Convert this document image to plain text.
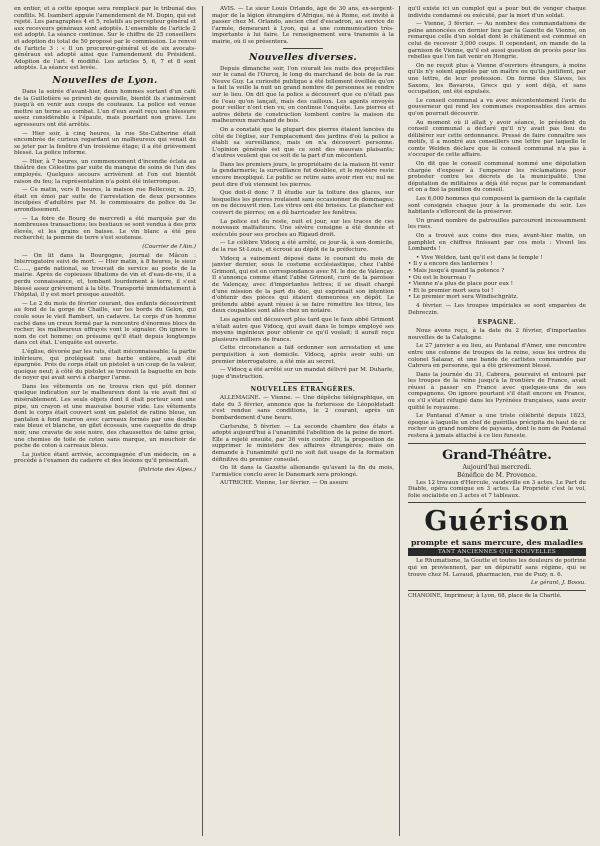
en entier, et à cette époque sera remplacé par le tribunal des conflits. M. Isambert appuie l'amendement de M. Dupin, qui est rejeté. Les paragraphes 4 et 5, relatifs au percepteur général et aux receveurs généraux sont adoptés. L'ensemble de l'article 2 est adopté. La séance continue. Sur le chiffre de 25 conseillers et adoption du total de 50 proposé par le commission. Le renvoi de l'article 3 : « Il un procureur-général et de six avocats-généraux est adopté ainsi que l'amendement du Président. Adoption de l'art. 4 modifié. Les articles 5, 6, 7 et 8 sont adoptés. La séance est levée.

Nouvelles de Lyon.

Dans la soirée d'avant-hier, deux hommes sortant d'un café de la Guillotière se prirent de querelle, bientôt ils s'animèrent jusqu'à en venir aux coups de couteaux. La police est venue mettre un terme au combat. L'un d'eux avait reçu une blessure assez considérable à l'épaule, mais pourtant non grave. Les agresseurs ont été arrêtés.

— Hier soir, à cinq heures, la rue Ste-Catherine était encombrée de curieux regardant un malheureux qui venait de se jeter par la fenêtre d'un troisième étage; il a été grièvement blessé. La police informe.

— Hier, à 7 heures, un commencement d'incendie éclata au théâtre des Célestins par suite du manque de soins de l'un des employés. Quelques secours arrivèrent et l'on eut bientôt raison du feu; la représentation n'a point été interrompue.

— Ce matin, vers 8 heures, la maison rue Bellecour, n. 25, était en émoi par suite de l'arrestation de deux personnes inculpées d'adultère par M. le commissaire de police du 3e arrondissement.

— La foire de Bourg de mercredi a été marquée par de nombreuses transactions; les bestiaux se sont vendus à des prix élevés, et les grains en baisse. Le vin blanc a été peu recherché; la pomme de terre s'est soutenue.

(Courrier de l'Ain.)

— On lit dans la Bourgogne, journal de Mâcon : Interrogatoire suivi de mort. — Hier matin, à 8 heures, le sieur C......, garde national, se trouvait de service au poste de la mairie. Après de copieuses libations de vin et d'eau-de-vie, il a perdu connaissance, et, tombant lourdement à terre, il s'est blessé assez grièvement à la tête. Transporté immédiatement à l'hôpital, il y est mort presque aussitôt.

— Le 2 du mois de février courant, des enfants découvrirent au fond de la gorge de Chaille, sur les bords du Gelon, qui coule sous le vieil Rambert, un cadavre. Le corps d'un homme caché dans un creux formé par la rencontre d'énormes blocs de rocher; les malheureux effrayés vont le signaler. On ignore le nom de cet homme; on présume qu'il était depuis longtemps dans cet état. L'enquête est ouverte.

L'église, dévorée par les rats, était méconnaissable; la partie inférieure, qui protégeait une barbe entière, avait été épargnée. Près du corps était un pistolet à un coup de la valeur, quoique neuf; à côté du pistolet se trouvait la baguette en bois de noyer qui avait servi à charger l'arme.

Dans les vêtements on ne trouva rien qui pût donner quelque indication sur le malheureux dont la vie avait fini si misérablement. Les seuls objets dont il était porteur sont une pipe, un crayon et une mauvaise bourse vide. Les vêtements dont le corps était couvert sont un paletot de ratine bleue, un pantalon à fond marron avec carreaux formés par une double raie bleue et blanche, un gilet écossais, une casquette de drap noir, une cravate de soie noire, des chaussettes de laine grise, une chemise de toile de coton sans marque, un mouchoir de poche de coton à carreaux bleus.

La justice étant arrivée, accompagnée d'un médecin, on a procédé à l'examen du cadavre et des lésions qu'il présentait.

(Patriote des Alpes.)

AVIS. — Le sieur Louis Orlando, âgé de 30 ans, ex-sergent-major de la légion étrangère d'Afrique, né à Rome, est invité à passer chez M. Orlando, ancien chef d'escadron, au service de l'armée, demeurant à Lyon, qui a une communication très-importante à lui faire. Le renseignement sera transmis à la mairie, où il se présentera.

Nouvelles diverses.

Depuis dimanche soir, l'on courait les nuits des projectiles sur le canal de l'Ourcq, le long du marchand de bois de la rue Neuve Guy. La curiosité publique a été tellement éveillée qu'on a fait la veille la nuit un grand nombre de personnes se rendre sur le lieu. On dit que la police a découvert que ce n'était pas de l'eau qu'on lançait, mais des cailloux. Les agents envoyés pour veiller n'ont rien vu; on continue l'enquête. Les pierres et autres débris de construction tombent contre la maison du malheureux marchand de bois.

On a constaté que la plupart des pierres étaient lancées du côté de l'église, sur l'emplacement des jardins d'où la police a établi sa surveillance, mais on n'a découvert personne. L'opinion générale est que ce sont des mauvais plaisants; d'autres veulent que ce soit de la part d'un mécontent.

Dans les premiers jours, le propriétaire de la maison fit venir la gendarmerie; la surveillance fut doublée, et le mystère reste encore inexpliqué. Le public se retire sans avoir rien vu; nul ne peut dire d'où viennent les pierres.

Que doit-il donc ? Il étudie sur la toiture des glaces, sur lesquelles les pierres roulaient sans occasionner de dommages; on ne découvrit rien. Les vitres ont été brisées. Le plancher est couvert de pierres; on a dû barricader les fenêtres.

La police est du reste, nuit et jour, sur les traces de ces nouveaux malfaiteurs. Une sévère consigne a été donnée et exécutée pour ses proches au Rigaud droit.

— Le célèbre Vidocq a été arrêté, ce jour-là, à son domicile, de la rue St-Louis, et écroué au dépôt de la préfecture.

Vidocq a vainement déposé dans le courant du mois de janvier dernier, sous le costume ecclésiastique, chez l'abbé Grimont, qui est en correspondance avec M. le duc de Valençay. Il s'annonça comme étant l'abbé Grimont, curé de la paroisse de Valençay, avec d'importantes lettres; il se disait chargé d'une mission de la part du duc, qui exprimait son intention d'obtenir des pièces qui étaient demeurées en dépôt. Le prétendu abbé ayant réussi à se faire remettre les titres, les deux coupables sont allés chez un notaire.

Les agents ont découvert plus tard que le faux abbé Grimont n'était autre que Vidocq, qui avait dans le temps employé ses moyens ingénieux pour obtenir ce qu'il voulait; il aurait reçu plusieurs milliers de francs.

Cette circonstance a fait ordonner son arrestation et une perquisition à son domicile. Vidocq, après avoir subi un premier interrogatoire, a été mis au secret.

— Vidocq a été arrêté sur un mandat délivré par M. Duharle, juge d'instruction.

NOUVELLES ÉTRANGÈRES.

ALLEMAGNE. — Vienne. — Une dépêche télégraphique, en date du 3 février, annonce que la forteresse de Léopoldstadt s'est rendue sans conditions, le 2 courant, après un bombardement d'une heure.

Carlsruhe, 5 février. — La seconde chambre des états a adopté aujourd'hui à l'unanimité l'abolition de la peine de mort. Elle a rejeté ensuite, par 36 voix contre 20, la proposition de supprimer le ministère des affaires étrangères; mais on demande à l'unanimité qu'il ne soit fait usage de la formation définitive du premier consulat.

On lit dans la Gazette allemande qu'avant la fin du mois, l'armistice conclu avec le Danemark sera prolongé.

AUTRICHE. Vienne, 1er février. — On assure

qu'il existe ici un complot qui a pour but de venger chaque individu condamné ou exécuté, par la mort d'un soldat.

— Vienne, 3 février. — Au nombre des commandations de peine annoncées en dernier lieu par la Gazette de Vienne, on remarque celle d'un soldat dont le châtiment est commué en celui de recevoir 3,000 coups. Il cependant, on mande de la garnison de Vienne, qu'il est aussi question de procès pour les rebelles que l'on fait venir en Hongrie.

On ne reçoit plus à Vienne d'ouvriers étrangers, à moins qu'ils n'y soient appelés par un maître ou qu'ils justifient, par une lettre, de leur profession. On forme des Slaves, les Saxons, les Bavarois, Grecs qui y sont déjà, et sans occupation, ont été expulsés.

Le conseil communal a vu avec mécontentement l'avis du gouverneur qui rend les communes responsables des armes qu'on pourrait découvrir.

Au moment où il allait y avoir séance, le président du conseil communal a déclaré qu'il n'y avait pas lieu de délibérer sur cette ordonnance. Pressé de faire connaître ses motifs, il a montré aux conseillers une lettre par laquelle le comte Welden déclare que le conseil communal n'a pas à s'occuper de cette affaire.

On dit que le conseil communal nommé une députation chargée d'exposer à l'empereur les réclamations pour protester contre les décrets de la municipalité. Une députation de militaires a déjà été reçue par le commandant et on a fixé la punition du conseil.

Les 6,000 hommes qui composent la garnison de la capitale sont consignés chaque jour à la promenade du soir. Les habitants s'efforcent de la préserver.

Un grand nombre de patrouilles parcourent incessamment les rues.

On a trouvé aux coins des rues, avant-hier matin, un pamphlet en chiffres finissant par ces mots : Vivent les Lombards !

• Vive Welden, tant qu'il est dans le temple !
• Il y a encore des lanternes !
• Mais jusqu'à quand la potence ?
• Où est le bourreau ?
• Vienne n'a plus de place pour eux !
• Et le premier mort sera toi !
• Le premier mort sera Windischgrätz.

4 février. — Les troupes impériales se sont emparées de Debreczin.

ESPAGNE.

Nous avons reçu, à la date du 2 février, d'importantes nouvelles de la Catalogne.

Le 27 janvier a eu lieu, au Pantanal d'Amer, une rencontre entre une colonne de troupes de la reine, sous les ordres du colonel Salazar, et une bande de carlistes commandée par Cabrera en personne, qui a été grièvement blessé.

Dans la journée du 31, Cabrera, poursuivi et entouré par les troupes de la reine jusqu'à la frontière de France, avait réussi à passer en France avec quelques-uns de ses compagnons. On ignore pourtant s'il était encore en France, ou s'il s'était réfugié dans les Pyrénées françaises, sans avoir quitté le royaume.

Le Pantanal d'Amer a une triste célébrité depuis 1823, époque à laquelle un chef de guérillas précipita du haut de ce rocher un grand nombre de paysans, dont le nom de Pantanal restera à jamais attaché à ce lieu funeste.

Grand-Théâtre.
Aujourd'hui mercredi.
Bénéfice de M. Provence.

Les 12 travaux d'Hercule, vaudeville en 3 actes. Le Part du Diable, opéra comique en 3 actes. La Propriété c'est le vol, folie socialiste en 3 actes et 7 tableaux.

Guérison
prompte et sans mercure, des maladies
TANT ANCIENNES QUE NOUVELLES

Le Rhumatisme, la Goutte et toutes les douleurs de poitrine qui en proviennent, par un dépuratif sans régime, qui se trouve chez M. Lavaud, pharmacien, rue de Puzy, n. 6.

Le gérant, J. Bossu.

CHANOINE, Imprimeur, à Lyon, 68, place de la Charité.
